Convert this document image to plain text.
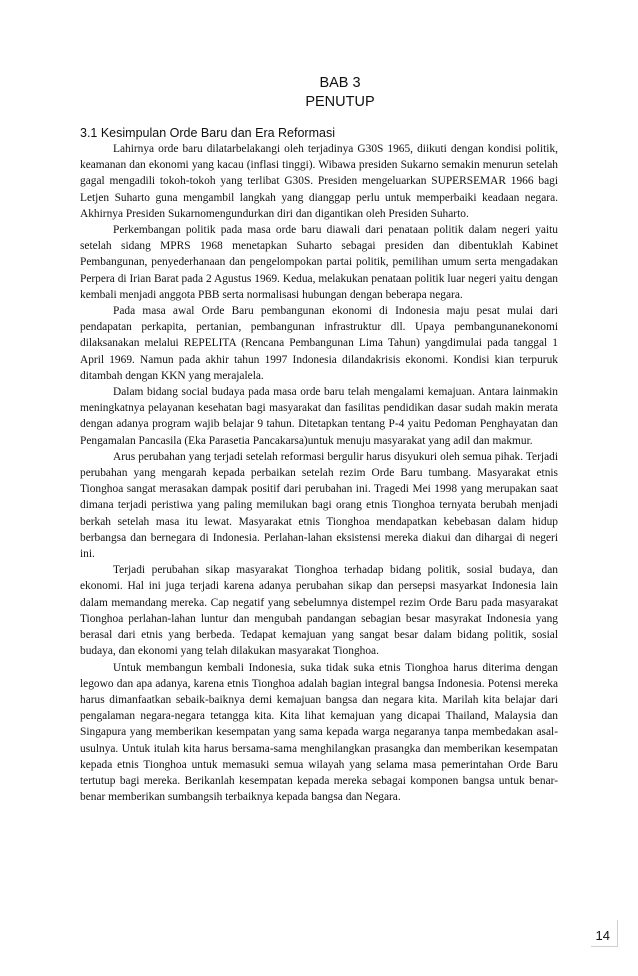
BAB 3
PENUTUP
3.1 Kesimpulan Orde Baru dan Era Reformasi

Lahirnya orde baru dilatarbelakangi oleh terjadinya G30S 1965, diikuti dengan kondisi politik, keamanan dan ekonomi yang kacau (inflasi tinggi). Wibawa presiden Sukarno semakin menurun setelah gagal mengadili tokoh-tokoh yang terlibat G30S. Presiden mengeluarkan SUPERSEMAR 1966 bagi Letjen Suharto guna mengambil langkah yang dianggap perlu untuk memperbaiki keadaan negara. Akhirnya Presiden Sukarnomengundurkan diri dan digantikan oleh Presiden Suharto.

Perkembangan politik pada masa orde baru diawali dari penataan politik dalam negeri yaitu setelah sidang MPRS 1968 menetapkan Suharto sebagai presiden dan dibentuklah Kabinet Pembangunan, penyederhanaan dan pengelompokan partai politik, pemilihan umum serta mengadakan Perpera di Irian Barat pada 2 Agustus 1969. Kedua, melakukan penataan politik luar negeri yaitu dengan kembali menjadi anggota PBB serta normalisasi hubungan dengan beberapa negara.

Pada masa awal Orde Baru pembangunan ekonomi di Indonesia maju pesat mulai dari pendapatan perkapita, pertanian, pembangunan infrastruktur dll. Upaya pembangunanekonomi dilaksanakan melalui REPELITA (Rencana Pembangunan Lima Tahun) yangdimulai pada tanggal 1 April 1969. Namun pada akhir tahun 1997 Indonesia dilandakrisis ekonomi. Kondisi kian terpuruk ditambah dengan KKN yang merajalela.

Dalam bidang social budaya pada masa orde baru telah mengalami kemajuan. Antara lainmakin meningkatnya pelayanan kesehatan bagi masyarakat dan fasilitas pendidikan dasar sudah makin merata dengan adanya program wajib belajar 9 tahun. Ditetapkan tentang P-4 yaitu Pedoman Penghayatan dan Pengamalan Pancasila (Eka Parasetia Pancakarsa)untuk menuju masyarakat yang adil dan makmur.

Arus perubahan yang terjadi setelah reformasi bergulir harus disyukuri oleh semua pihak. Terjadi perubahan yang mengarah kepada perbaikan setelah rezim Orde Baru tumbang. Masyarakat etnis Tionghoa sangat merasakan dampak positif dari perubahan ini. Tragedi Mei 1998 yang merupakan saat dimana terjadi peristiwa yang paling memilukan bagi orang etnis Tionghoa ternyata berubah menjadi berkah setelah masa itu lewat. Masyarakat etnis Tionghoa mendapatkan kebebasan dalam hidup berbangsa dan bernegara di Indonesia. Perlahan-lahan eksistensi mereka diakui dan dihargai di negeri ini.

Terjadi perubahan sikap masyarakat Tionghoa terhadap bidang politik, sosial budaya, dan ekonomi. Hal ini juga terjadi karena adanya perubahan sikap dan persepsi masyarkat Indonesia lain dalam memandang mereka. Cap negatif yang sebelumnya distempel rezim Orde Baru pada masyarakat Tionghoa perlahan-lahan luntur dan mengubah pandangan sebagian besar masyrakat Indonesia yang berasal dari etnis yang berbeda. Tedapat kemajuan yang sangat besar dalam bidang politik, sosial budaya, dan ekonomi yang telah dilakukan masyarakat Tionghoa.

Untuk membangun kembali Indonesia, suka tidak suka etnis Tionghoa harus diterima dengan legowo dan apa adanya, karena etnis Tionghoa adalah bagian integral bangsa Indonesia. Potensi mereka harus dimanfaatkan sebaik-baiknya demi kemajuan bangsa dan negara kita. Marilah kita belajar dari pengalaman negara-negara tetangga kita. Kita lihat kemajuan yang dicapai Thailand, Malaysia dan Singapura yang memberikan kesempatan yang sama kepada warga negaranya tanpa membedakan asal-usulnya. Untuk itulah kita harus bersama-sama menghilangkan prasangka dan memberikan kesempatan kepada etnis Tionghoa untuk memasuki semua wilayah yang selama masa pemerintahan Orde Baru tertutup bagi mereka. Berikanlah kesempatan kepada mereka sebagai komponen bangsa untuk benar-benar memberikan sumbangsih terbaiknya kepada bangsa dan Negara.

14
